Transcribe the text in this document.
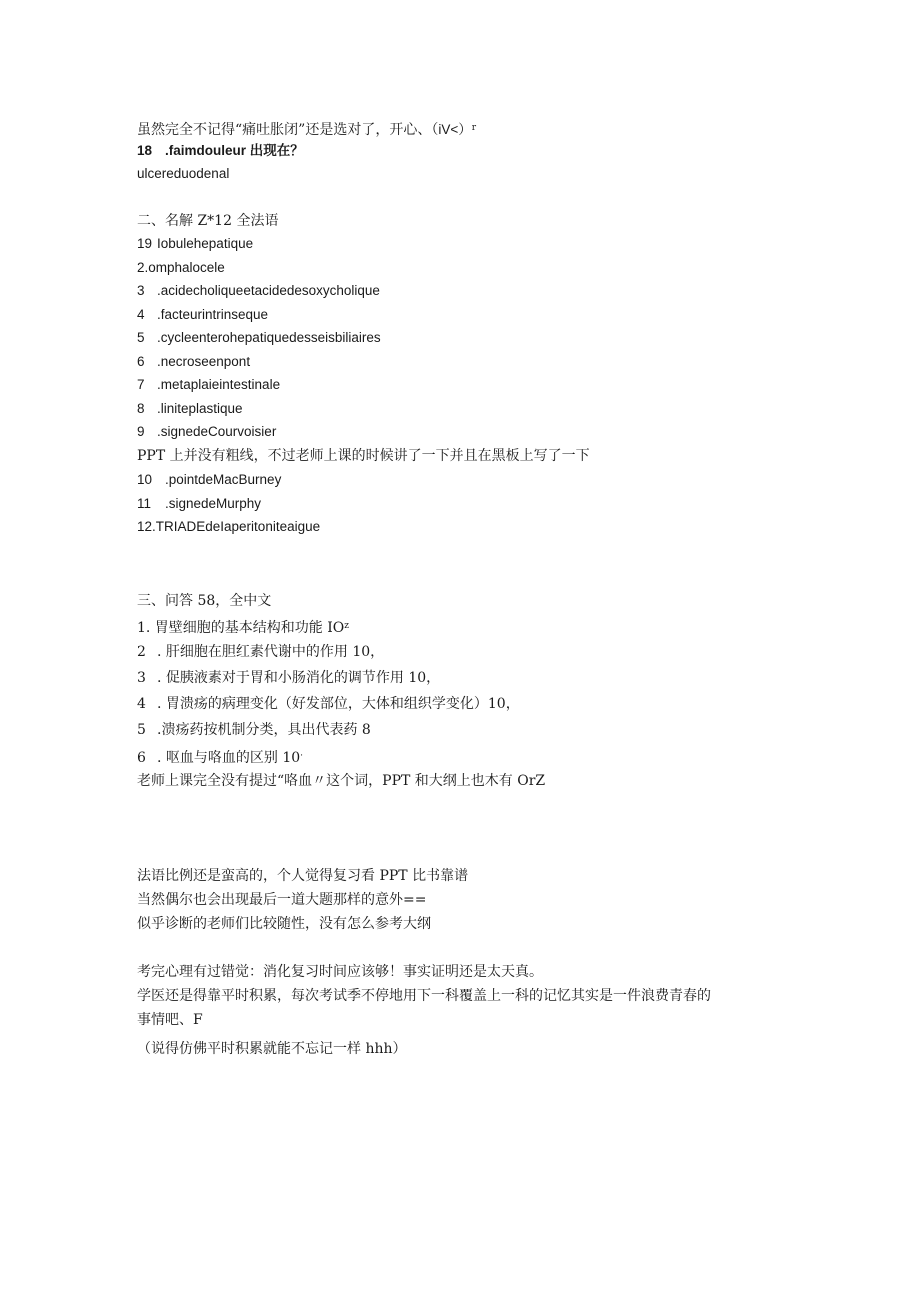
虽然完全不记得“痛吐胀闭”还是选对了，开心、（iV<）$^r$
18 .faimdouleur 出现在？
ulcereduodenal
二、名解 Z*12 全法语
19 Iobulehepatique
2.omphalocele
3 .acidecholiqueetacidedesoxycholique
4 .facteurintrinseque
5 .cycleenterohepatiquedesseisbiliaires
6 .necroseenpont
7 .metaplaieintestinale
8 .liniteplastique
9 .signedeCourvoisier
PPT 上并没有粗线，不过老师上课的时候讲了一下并且在黑板上写了一下
10 .pointdeMacBurney
11 .signedeMurphy
12.TRIADEdeIaperitoniteaigue
三、问答 58，全中文
1. 胃壁细胞的基本结构和功能 $IO^z$
2 . 肝细胞在胆红素代谢中的作用 10，
3 . 促胰液素对于胃和小肠消化的调节作用 10，
4 . 胃溃疡的病理变化（好发部位，大体和组织学变化）10，
5 .溃疡药按机制分类，具出代表药 8
6 . 呕血与咯血的区别 10·
老师上课完全没有提过“咯血〃这个词，PPT 和大纲上也木有 OrZ
法语比例还是蛮高的，个人觉得复习看 PPT 比书靠谱
当然偶尔也会出现最后一道大题那样的意外==
似乎诊断的老师们比较随性，没有怎么参考大纲
考完心理有过错觉：消化复习时间应该够！事实证明还是太天真。
学医还是得靠平时积累，每次考试季不停地用下一科覆盖上一科的记忆其实是一件浪费青春的
事情吧、F
（说得仿佛平时积累就能不忘记一样 hhh）
